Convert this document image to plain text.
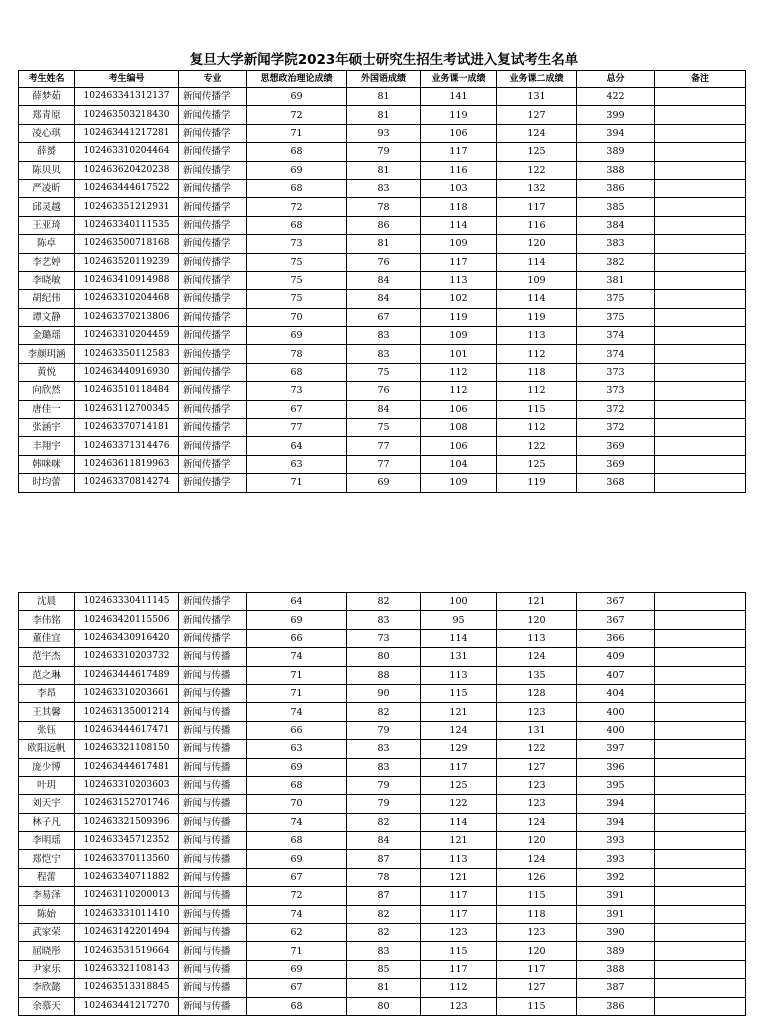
复旦大学新闻学院2023年硕士研究生招生考试进入复试考生名单
考生姓名	考生编号	专业	思想政治理论成绩	外国语成绩	业务课一成绩	业务课二成绩	总分	备注
薛梦茹	102463341312137	新闻传播学	69	81	141	131	422	
郑青原	102463503218430	新闻传播学	72	81	119	127	399	
凌心琪	102463441217281	新闻传播学	71	93	106	124	394	
薛赟	102463310204464	新闻传播学	68	79	117	125	389	
陈贝贝	102463620420238	新闻传播学	69	81	116	122	388	
严凌昕	102463444617522	新闻传播学	68	83	103	132	386	
邱灵越	102463351212931	新闻传播学	72	78	118	117	385	
王亚琦	102463340111535	新闻传播学	68	86	114	116	384	
陈卓	102463500718168	新闻传播学	73	81	109	120	383	
李艺婷	102463520119239	新闻传播学	75	76	117	114	382	
李晓敏	102463410914988	新闻传播学	75	84	113	109	381	
胡纪伟	102463310204468	新闻传播学	75	84	102	114	375	
谭文静	102463370213806	新闻传播学	70	67	119	119	375	
金璐瑶	102463310204459	新闻传播学	69	83	109	113	374	
李颜玥涵	102463350112583	新闻传播学	78	83	101	112	374	
黄悦	102463440916930	新闻传播学	68	75	112	118	373	
向欣然	102463510118484	新闻传播学	73	76	112	112	373	
唐佳一	102463112700345	新闻传播学	67	84	106	115	372	
张涵宇	102463370714181	新闻传播学	77	75	108	112	372	
丰翔宇	102463371314476	新闻传播学	64	77	106	122	369	
韩咪咪	102463611819963	新闻传播学	63	77	104	125	369	
时均蕾	102463370814274	新闻传播学	71	69	109	119	368	
沈晨	102463330411145	新闻传播学	64	82	100	121	367	
李伟铭	102463420115506	新闻传播学	69	83	95	120	367	
董佳宜	102463430916420	新闻传播学	66	73	114	113	366	
范宇杰	102463310203732	新闻与传播	74	80	131	124	409	
范之琳	102463444617489	新闻与传播	71	88	113	135	407	
李昂	102463310203661	新闻与传播	71	90	115	128	404	
王其馨	102463135001214	新闻与传播	74	82	121	123	400	
张钰	102463444617471	新闻与传播	66	79	124	131	400	
欧阳远帆	102463321108150	新闻与传播	63	83	129	122	397	
庞少博	102463444617481	新闻与传播	69	83	117	127	396	
叶玥	102463310203603	新闻与传播	68	79	125	123	395	
刘天宇	102463152701746	新闻与传播	70	79	122	123	394	
林子凡	102463321509396	新闻与传播	74	82	114	124	394	
李明瑶	102463345712352	新闻与传播	68	84	121	120	393	
郑恺宁	102463370113560	新闻与传播	69	87	113	124	393	
程蕾	102463340711882	新闻与传播	67	78	121	126	392	
李易泽	102463110200013	新闻与传播	72	87	117	115	391	
陈始	102463331011410	新闻与传播	74	82	117	118	391	
武家荣	102463142201494	新闻与传播	62	82	123	123	390	
屈晓彤	102463531519664	新闻与传播	71	83	115	120	389	
尹家乐	102463321108143	新闻与传播	69	85	117	117	388	
李欣懿	102463513318845	新闻与传播	67	81	112	127	387	
余慕天	102463441217270	新闻与传播	68	80	123	115	386	
